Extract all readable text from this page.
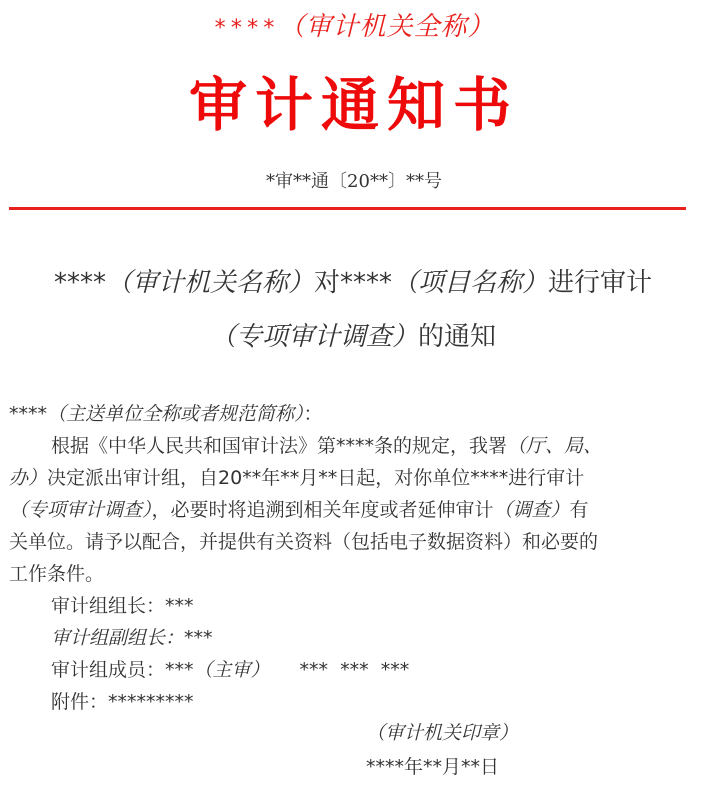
****（审计机关全称）
审计通知书
*审**通〔20**〕**号
****（审计机关名称）对****（项目名称）进行审计
（专项审计调查）的通知
****（主送单位全称或者规范简称）：
根据《中华人民共和国审计法》第****条的规定，我署（厅、局、
办）决定派出审计组，自20**年**月**日起，对你单位****进行审计
（专项审计调查），必要时将追溯到相关年度或者延伸审计（调查）有
关单位。请予以配合，并提供有关资料（包括电子数据资料）和必要的
工作条件。
审计组组长：***
审计组副组长：***
审计组成员：***（主审） ***  ***  ***
附件：*********
（审计机关印章）
****年**月**日
